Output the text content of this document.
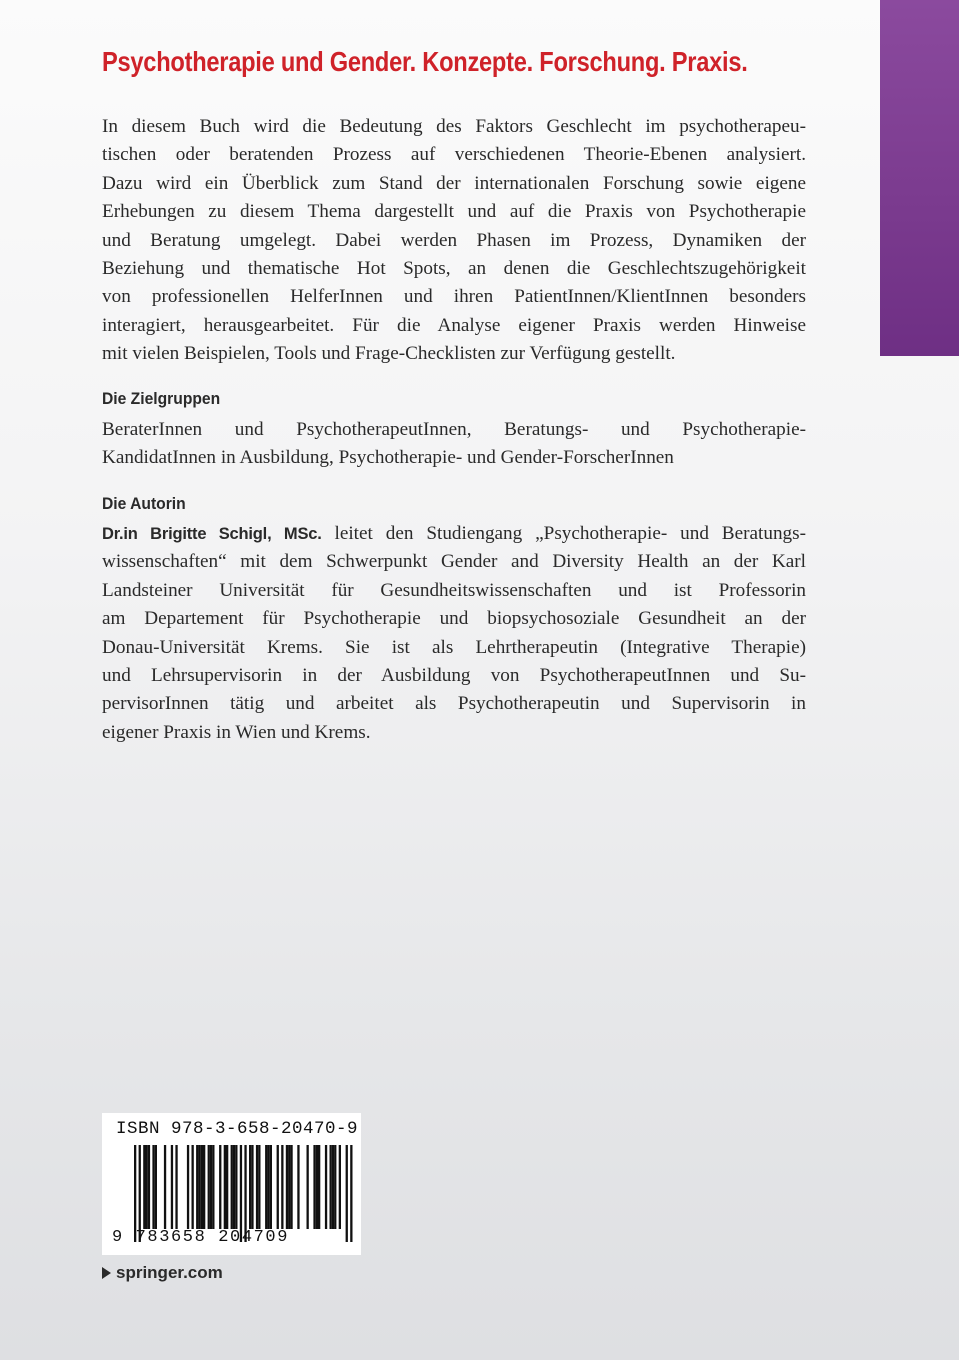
Psychotherapie und Gender. Konzepte. Forschung. Praxis.
In diesem Buch wird die Bedeutung des Faktors Geschlecht im psychotherapeu-
tischen oder beratenden Prozess auf verschiedenen Theorie-Ebenen analysiert.
Dazu wird ein Überblick zum Stand der internationalen Forschung sowie eigene
Erhebungen zu diesem Thema dargestellt und auf die Praxis von Psychotherapie
und Beratung umgelegt. Dabei werden Phasen im Prozess, Dynamiken der
Beziehung und thematische Hot Spots, an denen die Geschlechtszugehörigkeit
von professionellen HelferInnen und ihren PatientInnen/KlientInnen besonders
interagiert, herausgearbeitet. Für die Analyse eigener Praxis werden Hinweise
mit vielen Beispielen, Tools und Frage-Checklisten zur Verfügung gestellt.
Die Zielgruppen
BeraterInnen und PsychotherapeutInnen, Beratungs- und Psychotherapie-
KandidatInnen in Ausbildung, Psychotherapie- und Gender-ForscherInnen
Die Autorin
Dr.in Brigitte Schigl, MSc. leitet den Studiengang „Psychotherapie- und Beratungs-
wissenschaften“ mit dem Schwerpunkt Gender and Diversity Health an der Karl
Landsteiner Universität für Gesundheitswissenschaften und ist Professorin
am Departement für Psychotherapie und biopsychosoziale Gesundheit an der
Donau-Universität Krems. Sie ist als Lehrtherapeutin (Integrative Therapie)
und Lehrsupervisorin in der Ausbildung von PsychotherapeutInnen und Su-
pervisorInnen tätig und arbeitet als Psychotherapeutin und Supervisorin in
eigener Praxis in Wien und Krems.
ISBN 978-3-658-20470-9
9 783658 204709
springer.com
